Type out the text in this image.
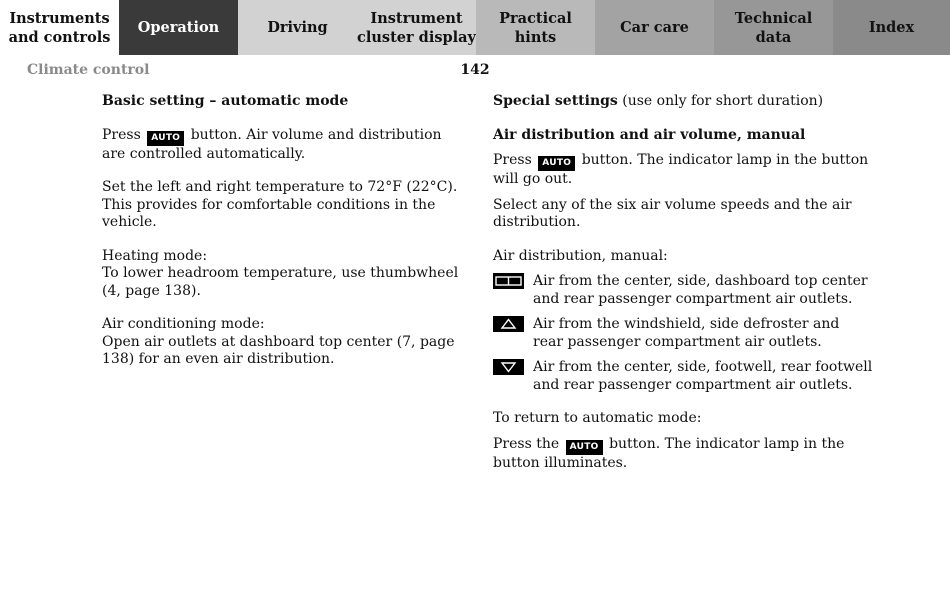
Instruments
and controls
Operation	Driving
Instrument
cluster display
Practical hints
Car care
Technical
data
Index
Climate control	142
Basic setting – automatic mode
Press AUTO button. Air volume and distribution are controlled automatically.
Set the left and right temperature to 72°F (22°C). This provides for comfortable conditions in the vehicle.
Heating mode:
To lower headroom temperature, use thumbwheel
(4, page 138).
Air conditioning mode:
Open air outlets at dashboard top center (7, page 138) for an even air distribution.
Special settings (use only for short duration)
Air distribution and air volume, manual
Press AUTO button. The indicator lamp in the button will go out.
Select any of the six air volume speeds and the air distribution.
Air distribution, manual:
Air from the center, side, dashboard top center and rear passenger compartment air outlets.
Air from the windshield, side defroster and rear passenger compartment air outlets.
Air from the center, side, footwell, rear footwell and rear passenger compartment air outlets.
To return to automatic mode:
Press the AUTO button. The indicator lamp in the button illuminates.
